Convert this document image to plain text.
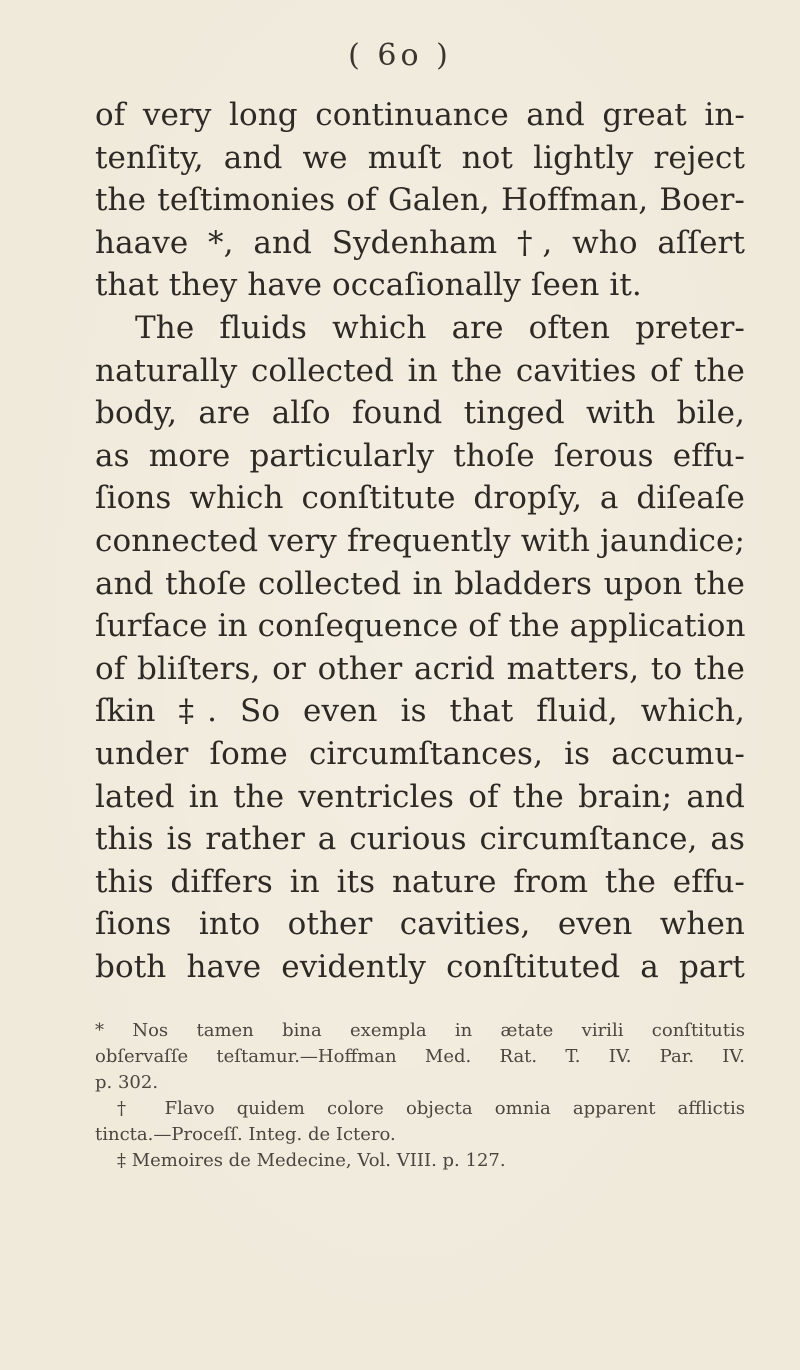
( 6o )
of very long continuance and great in-
tenſity, and we muſt not lightly reject
the teſtimonies of Galen, Hoffman, Boer-
haave *, and Sydenham †, who aſſert
that they have occaſionally ſeen it.
The fluids which are often preter-
naturally collected in the cavities of the
body, are alſo found tinged with bile,
as more particularly thoſe ſerous effu-
ſions which conſtitute dropſy, a diſeaſe
connected very frequently with jaundice;
and thoſe collected in bladders upon the
ſurface in conſequence of the application
of bliſters, or other acrid matters, to the
ſkin ‡. So even is that fluid, which,
under ſome circumſtances, is accumu-
lated in the ventricles of the brain; and
this is rather a curious circumſtance, as
this differs in its nature from the effu-
ſions into other cavities, even when
both have evidently conſtituted a part
* Nos tamen bina exempla in ætate virili conſtitutis
obſervaſſe teſtamur.—Hoffman Med. Rat. T. IV. Par. IV.
p. 302.
† Flavo quidem colore objecta omnia apparent afflictis
tincta.—Proceſſ. Integ. de Ictero.
‡ Memoires de Medecine, Vol. VIII. p. 127.
